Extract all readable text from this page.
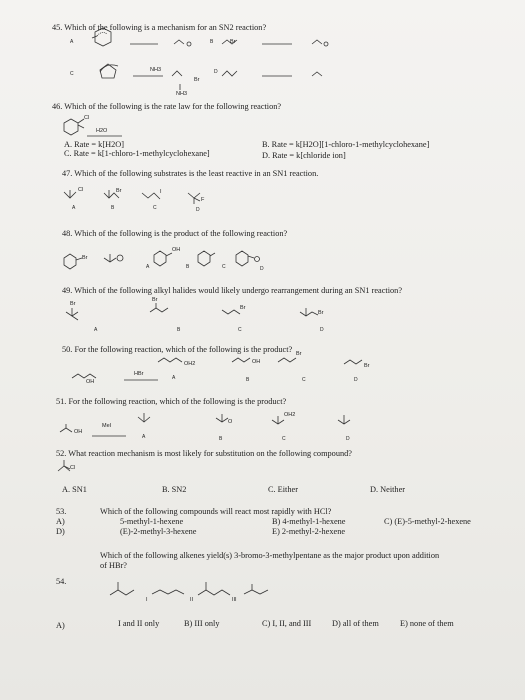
45. Which of the following is a mechanism for an SN2 reaction?
A	B
C	D
NH3
Br
Br
NH3
46. Which of the following is the rate law for the following reaction?
Cl
H2O
A. Rate = k[H2O]	B. Rate = k[H2O][1-chloro-1-methylcyclohexane]
C. Rate = k[1-chloro-1-methylcyclohexane]	D. Rate = k[chloride ion]
47. Which of the following substrates is the least reactive in an SN1 reaction.
Cl	Br	I
F
A	B	C	D
48. Which of the following is the product of the following reaction?
Br
OH
A	B	C	D
49. Which of the following alkyl halides would likely undergo rearrangement during an SN1 reaction?
Br
Br
Br
Br
A	B	C	D
50. For the following reaction, which of the following is the product?
OH
OH2	OH
Br
Br
HBr
A	B	C	D
51. For the following reaction, which of the following is the product?
OH
O
OH2
MeI
A	B	C	D
52. What reaction mechanism is most likely for substitution on the following compound?
Cl
A. SN1	B. SN2	C. Either	D. Neither
53.	Which of the following compounds will react most rapidly with HCl?
A)	5-methyl-1-hexene	B) 4-methyl-1-hexene	C) (E)-5-methyl-2-hexene
D)	(E)-2-methyl-3-hexene	E) 2-methyl-2-hexene
Which of the following alkenes yield(s) 3-bromo-3-methylpentane as the major product upon addition
of HBr?
54.
I	II	III
A)	I and II only	B) III only	C) I, II, and III D) all of them	E) none of them
